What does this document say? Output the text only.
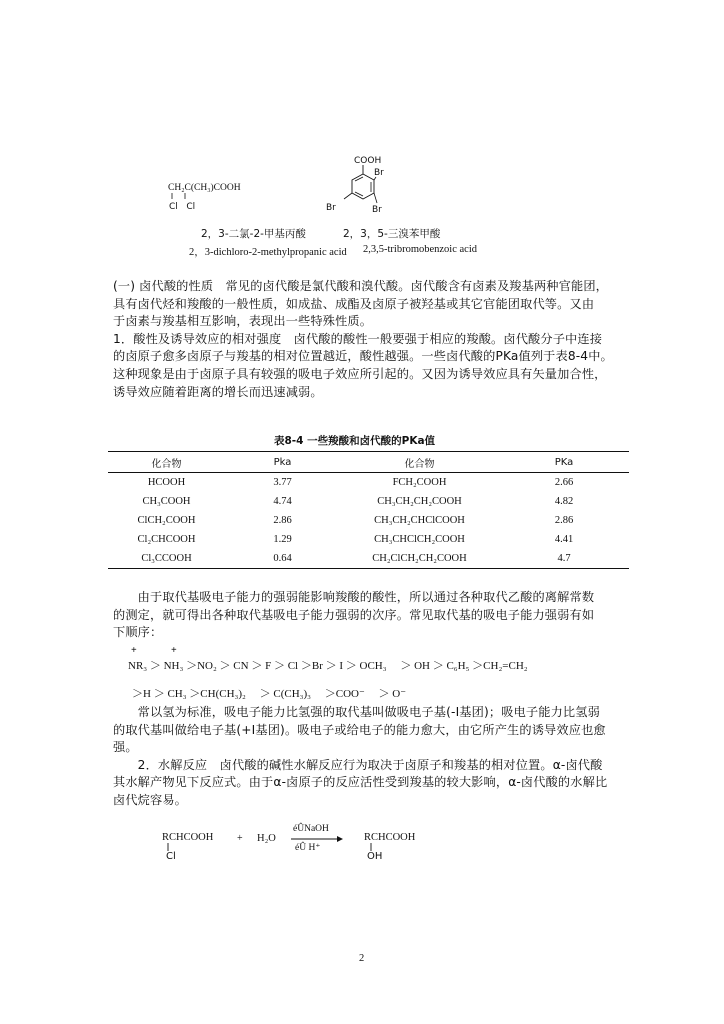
CH₂C(CH₃)COOH
Cl   Cl
COOH
Br
Br	Br
2，3-二氯-2-甲基丙酸	2，3，5-三溴苯甲酸
2，3-dichloro-2-methylpropanic acid 2,3,5-tribromobenzoic acid
(一) 卤代酸的性质　常见的卤代酸是氯代酸和溴代酸。卤代酸含有卤素及羧基两种官能团，
具有卤代烃和羧酸的一般性质，如成盐、成酯及卤原子被羟基或其它官能团取代等。又由
于卤素与羧基相互影响，表现出一些特殊性质。
1．酸性及诱导效应的相对强度　卤代酸的酸性一般要强于相应的羧酸。卤代酸分子中连接
的卤原子愈多卤原子与羧基的相对位置越近，酸性越强。一些卤代酸的PKa值列于表8-4中。
这种现象是由于卤原子具有较强的吸电子效应所引起的。又因为诱导效应具有矢量加合性，
诱导效应随着距离的增长而迅速减弱。
表8-4 一些羧酸和卤代酸的PKa值
化合物	Pka	化合物	PKa
HCOOH	3.77	FCH₂COOH	2.66
CH₃COOH	4.74	CH₃CH₂CH₂COOH	4.82
ClCH₂COOH	2.86	CH₃CH₂CHClCOOH	2.86
Cl₂CHCOOH	1.29	CH₃CHClCH₂COOH	4.41
Cl₃CCOOH	0.64	CH₂ClCH₂CH₂COOH	4.7
　　由于取代基吸电子能力的强弱能影响羧酸的酸性，所以通过各种取代乙酸的离解常数
的测定，就可得出各种取代基吸电子能力强弱的次序。常见取代基的吸电子能力强弱有如
下顺序：
+	+
NR₃ ＞ NH₃ ＞NO₂ ＞ CN ＞ F ＞ Cl ＞Br ＞ I ＞ OCH₃ 　＞ OH ＞ C₆H₅ ＞CH₂=CH₂
＞H ＞ CH₃ ＞CH(CH₃)₂ 　＞ C(CH₃)₃ 　＞COO⁻ 　＞ O⁻
　　常以氢为标准，吸电子能力比氢强的取代基叫做吸电子基(-I基团)；吸电子能力比氢弱
的取代基叫做给电子基(+I基团)。吸电子或给电子的能力愈大，由它所产生的诱导效应也愈
强。
　　2．水解反应　卤代酸的碱性水解反应行为取决于卤原子和羧基的相对位置。α-卤代酸
其水解产物见下反应式。由于α-卤原子的反应活性受到羧基的较大影响，α-卤代酸的水解比
卤代烷容易。
RCHCOOH
Cl
+ H₂O
éÛNaOH
éÛ H⁺
RCHCOOH
OH
2
